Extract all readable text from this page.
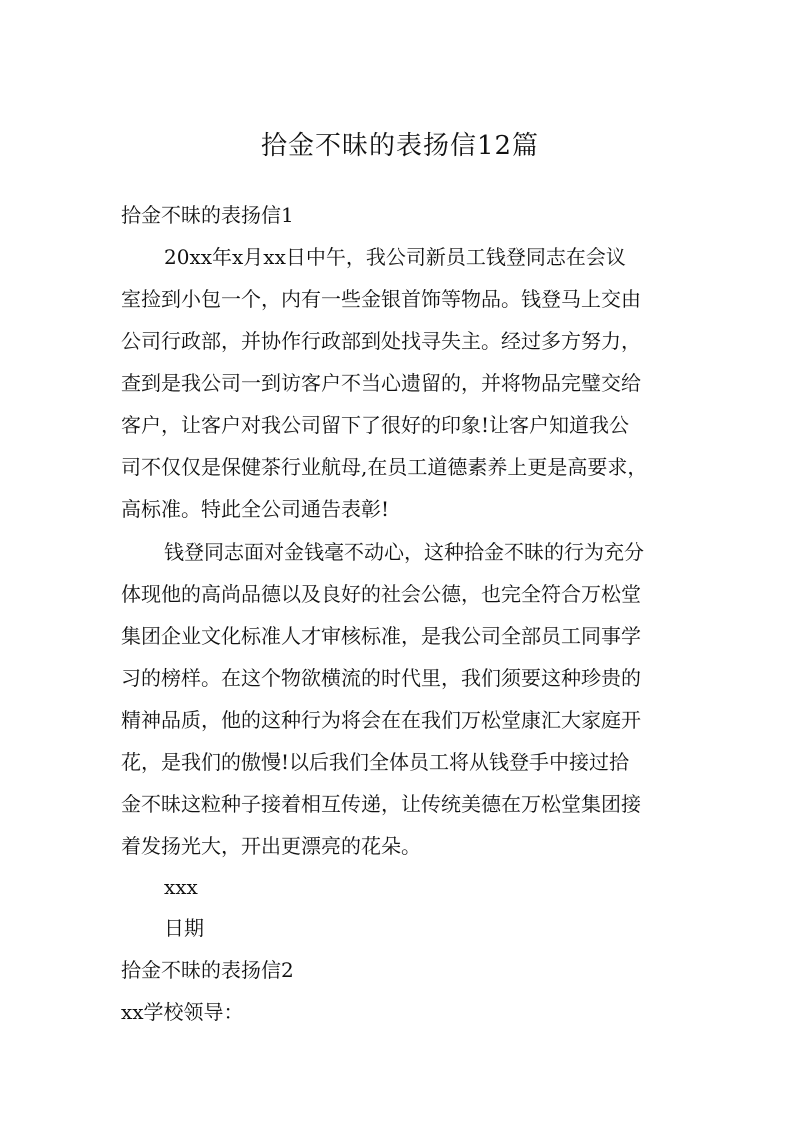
拾金不昧的表扬信12篇

拾金不昧的表扬信1

20xx年x月xx日中午，我公司新员工钱登同志在会议

室捡到小包一个，内有一些金银首饰等物品。钱登马上交由

公司行政部，并协作行政部到处找寻失主。经过多方努力，

查到是我公司一到访客户不当心遗留的，并将物品完璧交给

客户，让客户对我公司留下了很好的印象!让客户知道我公

司不仅仅是保健茶行业航母,在员工道德素养上更是高要求，

高标准。特此全公司通告表彰!

钱登同志面对金钱毫不动心，这种拾金不昧的行为充分

体现他的高尚品德以及良好的社会公德，也完全符合万松堂

集团企业文化标准人才审核标准，是我公司全部员工同事学

习的榜样。在这个物欲横流的时代里，我们须要这种珍贵的

精神品质，他的这种行为将会在在我们万松堂康汇大家庭开

花，是我们的傲慢!以后我们全体员工将从钱登手中接过拾

金不昧这粒种子接着相互传递，让传统美德在万松堂集团接

着发扬光大，开出更漂亮的花朵。

xxx

日期

拾金不昧的表扬信2

xx学校领导：
